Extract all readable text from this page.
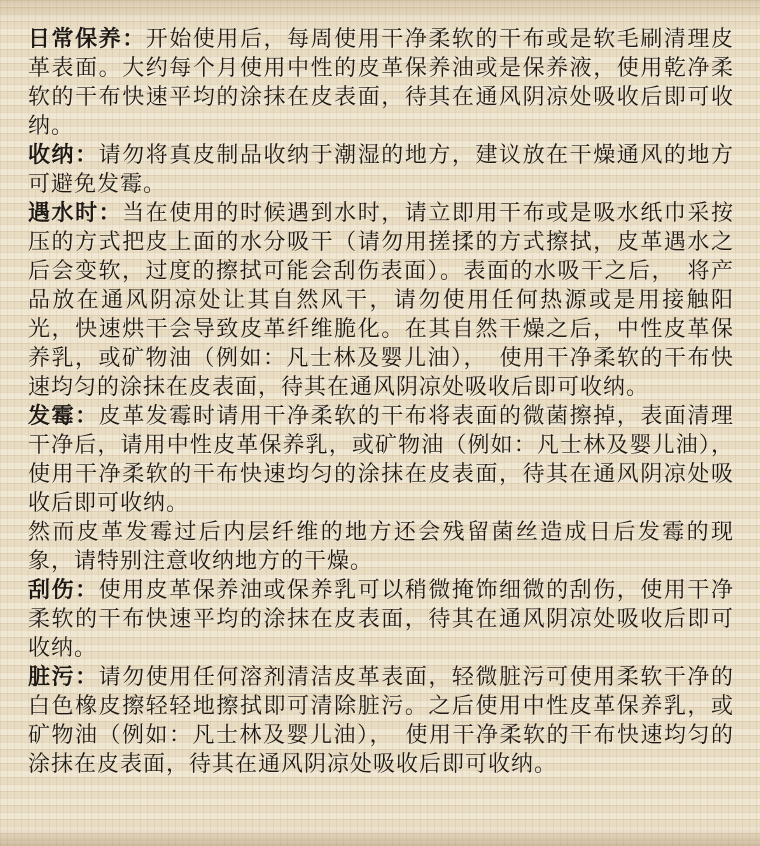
日常保养：开始使用后，每周使用干净柔软的干布或是软毛刷清理皮革表面。大约每个月使用中性的皮革保养油或是保养液，使用乾净柔软的干布快速平均的涂抹在皮表面，待其在通风阴凉处吸收后即可收纳。

收纳：请勿将真皮制品收纳于潮湿的地方，建议放在干燥通风的地方可避免发霉。

遇水时：当在使用的时候遇到水时，请立即用干布或是吸水纸巾采按压的方式把皮上面的水分吸干（请勿用搓揉的方式擦拭，皮革遇水之后会变软，过度的擦拭可能会刮伤表面）。表面的水吸干之后，　将产品放在通风阴凉处让其自然风干，请勿使用任何热源或是用接触阳光，快速烘干会导致皮革纤维脆化。在其自然干燥之后，中性皮革保养乳，或矿物油（例如：凡士林及婴儿油），　使用干净柔软的干布快速均匀的涂抹在皮表面，待其在通风阴凉处吸收后即可收纳。

发霉：皮革发霉时请用干净柔软的干布将表面的微菌擦掉，表面清理干净后，请用中性皮革保养乳，或矿物油（例如：凡士林及婴儿油），使用干净柔软的干布快速均匀的涂抹在皮表面，待其在通风阴凉处吸收后即可收纳。

然而皮革发霉过后内层纤维的地方还会残留菌丝造成日后发霉的现象，请特别注意收纳地方的干燥。

刮伤：使用皮革保养油或保养乳可以稍微掩饰细微的刮伤，使用干净柔软的干布快速平均的涂抹在皮表面，待其在通风阴凉处吸收后即可收纳。

脏污：请勿使用任何溶剂清洁皮革表面，轻微脏污可使用柔软干净的白色橡皮擦轻轻地擦拭即可清除脏污。之后使用中性皮革保养乳，或矿物油（例如：凡士林及婴儿油），　使用干净柔软的干布快速均匀的涂抹在皮表面，待其在通风阴凉处吸收后即可收纳。
